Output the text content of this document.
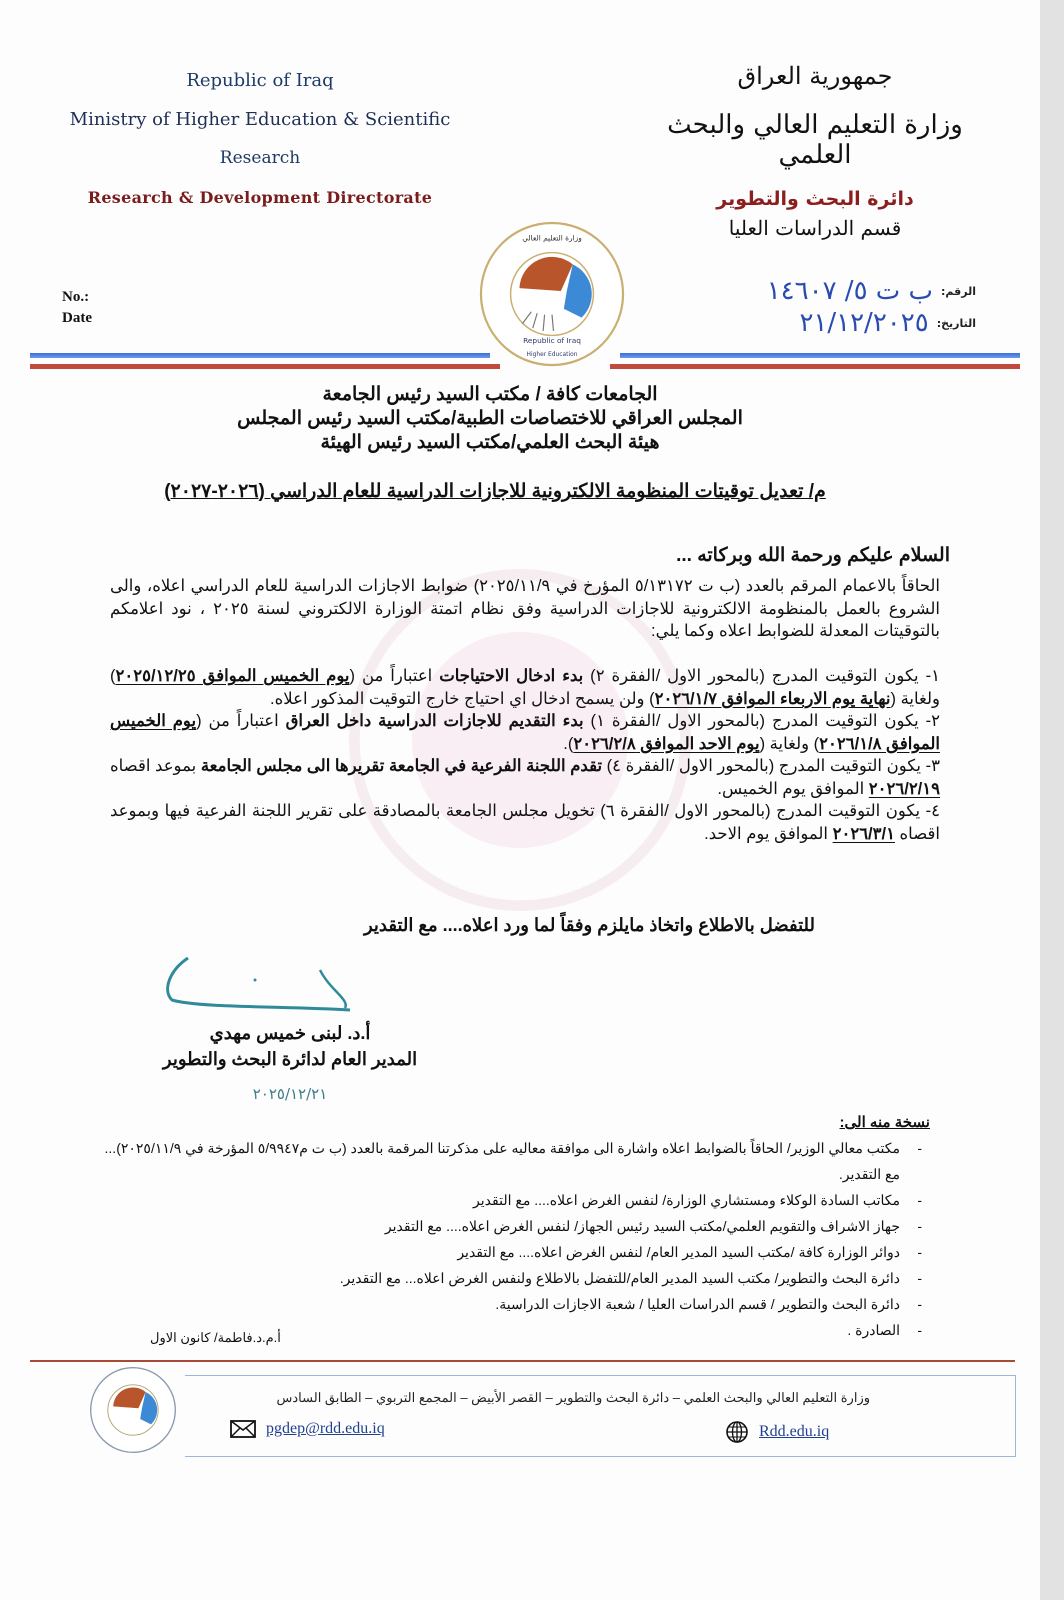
Republic of Iraq
Ministry of Higher Education & Scientific
Research
Research & Development Directorate
No.:
Date
جمهورية العراق
وزارة التعليم العالي والبحث العلمي
دائرة البحث والتطوير
قسم الدراسات العليا
الرقم:
ب ت ٥/ ١٤٦٠٧
التاريخ:
٢١/١٢/٢٠٢٥
Republic of Iraq
Higher Education
وزارة التعليم العالي
الجامعات كافة / مكتب السيد رئيس الجامعة
المجلس العراقي للاختصاصات الطبية/مكتب السيد رئيس المجلس
هيئة البحث العلمي/مكتب السيد رئيس الهيئة
م/ تعديل توقيتات المنظومة الالكترونية للاجازات الدراسية للعام الدراسي (٢٠٢٦-٢٠٢٧)
السلام عليكم ورحمة الله وبركاته ...
الحاقاً بالاعمام المرقم بالعدد (ب ت ٥/١٣١٧٢ المؤرخ في ٢٠٢٥/١١/٩) ضوابط الاجازات الدراسية للعام الدراسي اعلاه، والى الشروع بالعمل بالمنظومة الالكترونية للاجازات الدراسية وفق نظام اتمتة الوزارة الالكتروني لسنة ٢٠٢٥ ، نود اعلامكم بالتوقيتات المعدلة للضوابط اعلاه وكما يلي:
١- يكون التوقيت المدرج (بالمحور الاول /الفقرة ٢) بدء ادخال الاحتياجات اعتباراً من (يوم الخميس الموافق ٢٠٢٥/١٢/٢٥) ولغاية (نهاية يوم الاربعاء الموافق ٢٠٢٦/١/٧) ولن يسمح ادخال اي احتياج خارج التوقيت المذكور اعلاه.
٢- يكون التوقيت المدرج (بالمحور الاول /الفقرة ١) بدء التقديم للاجازات الدراسية داخل العراق اعتباراً من (يوم الخميس الموافق ٢٠٢٦/١/٨) ولغاية (يوم الاحد الموافق ٢٠٢٦/٢/٨).
٣- يكون التوقيت المدرج (بالمحور الاول /الفقرة ٤) تقدم اللجنة الفرعية في الجامعة تقريرها الى مجلس الجامعة بموعد اقصاه ٢٠٢٦/٢/١٩ الموافق يوم الخميس.
٤- يكون التوقيت المدرج (بالمحور الاول /الفقرة ٦) تخويل مجلس الجامعة بالمصادقة على تقرير اللجنة الفرعية فيها وبموعد اقصاه ٢٠٢٦/٣/١ الموافق يوم الاحد.
للتفضل بالاطلاع واتخاذ مايلزم وفقاً لما ورد اعلاه.... مع التقدير
أ.د. لبنى خميس مهدي
المدير العام لدائرة البحث والتطوير
٢٠٢٥/١٢/٢١
نسخة منه الى:
- مكتب معالي الوزير/ الحاقاً بالضوابط اعلاه واشارة الى موافقة معاليه على مذكرتنا المرقمة بالعدد (ب ت م٥/٩٩٤٧ المؤرخة في ٢٠٢٥/١١/٩)... مع التقدير.
- مكاتب السادة الوكلاء ومستشاري الوزارة/ لنفس الغرض اعلاه.... مع التقدير
- جهاز الاشراف والتقويم العلمي/مكتب السيد رئيس الجهاز/ لنفس الغرض اعلاه.... مع التقدير
- دوائر الوزارة كافة /مكتب السيد المدير العام/ لنفس الغرض اعلاه.... مع التقدير
- دائرة البحث والتطوير/ مكتب السيد المدير العام/للتفضل بالاطلاع ولنفس الغرض اعلاه... مع التقدير.
- دائرة البحث والتطوير / قسم الدراسات العليا / شعبة الاجازات الدراسية.
- الصادرة .
أ.م.د.فاطمة/ كانون الاول
وزارة التعليم العالي والبحث العلمي – دائرة البحث والتطوير – القصر الأبيض – المجمع التربوي – الطابق السادس
pgdep@rdd.edu.iq	Rdd.edu.iq
